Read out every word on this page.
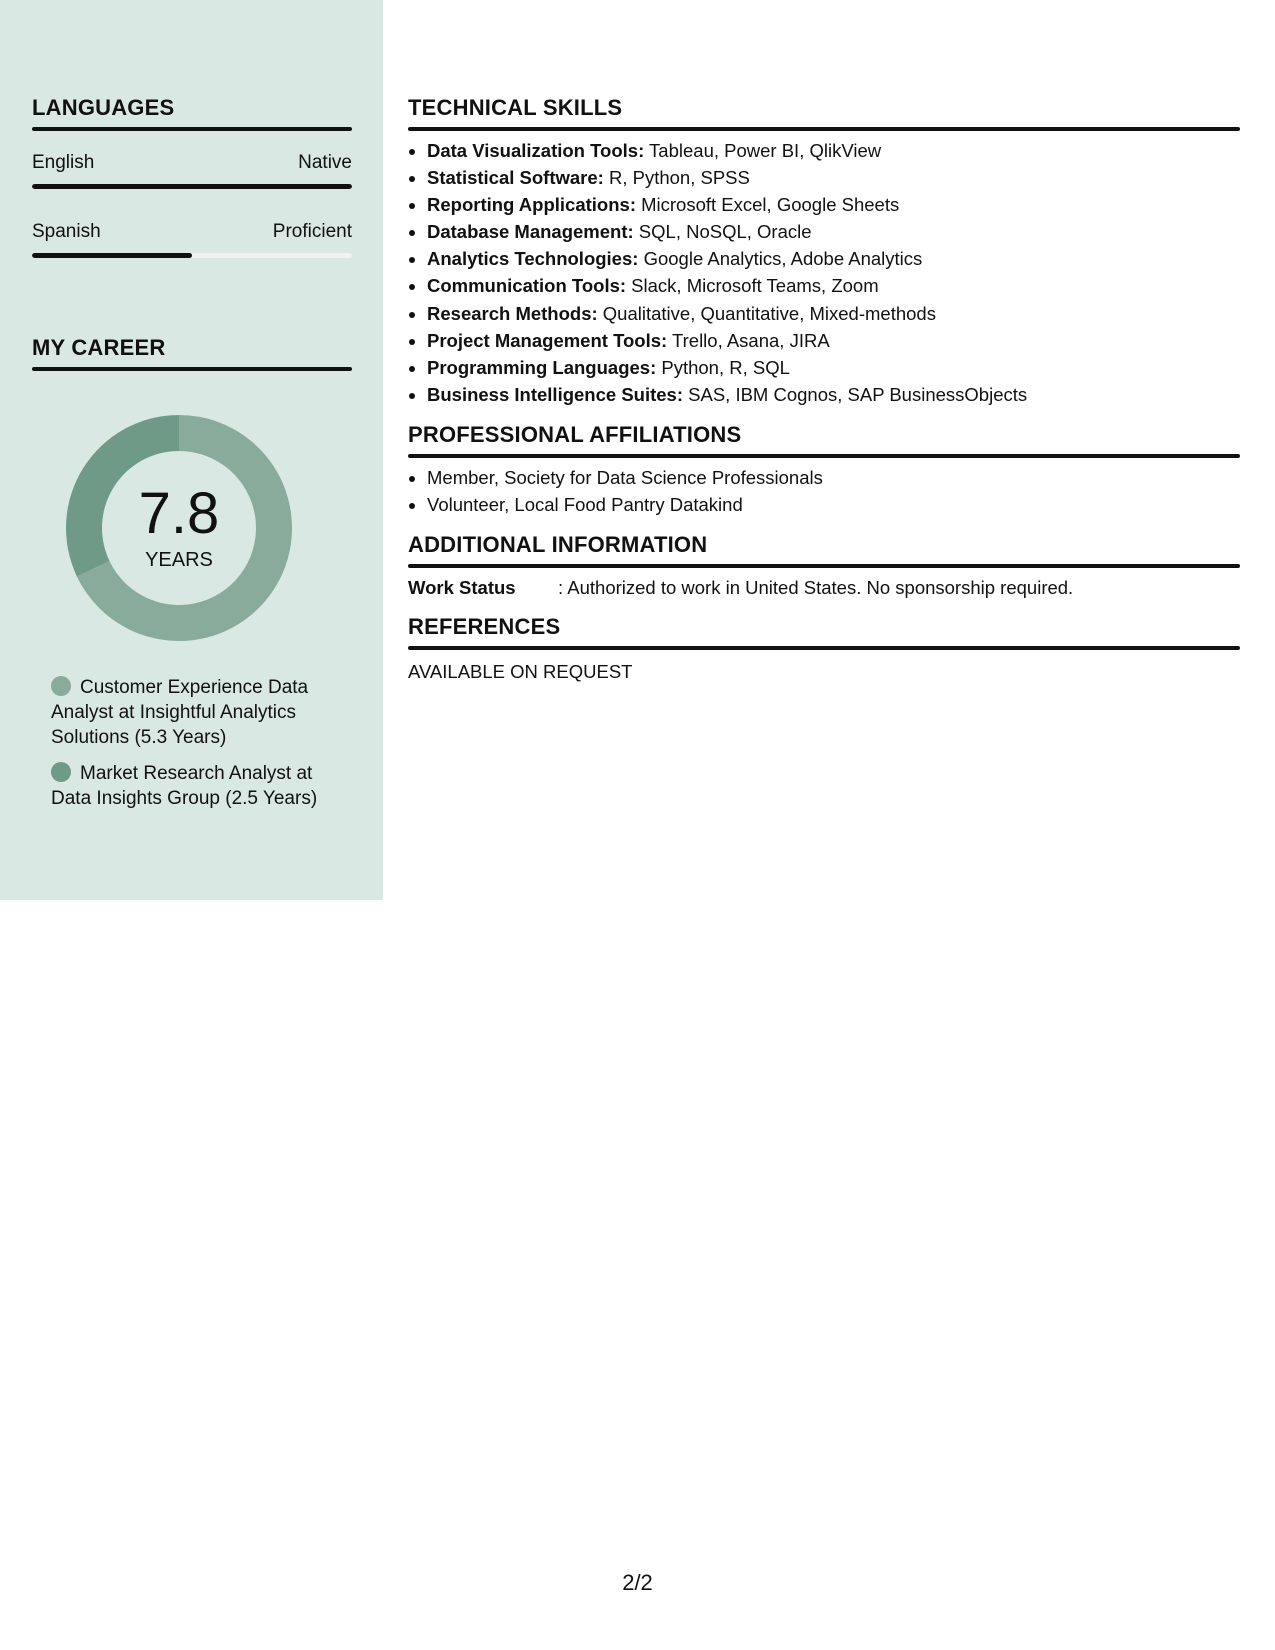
LANGUAGES
English	Native
Spanish	Proficient
MY CAREER
7.8
YEARS
Customer Experience Data Analyst at Insightful Analytics Solutions (5.3 Years)
Market Research Analyst at Data Insights Group (2.5 Years)
TECHNICAL SKILLS
• Data Visualization Tools: Tableau, Power BI, QlikView
• Statistical Software: R, Python, SPSS
• Reporting Applications: Microsoft Excel, Google Sheets
• Database Management: SQL, NoSQL, Oracle
• Analytics Technologies: Google Analytics, Adobe Analytics
• Communication Tools: Slack, Microsoft Teams, Zoom
• Research Methods: Qualitative, Quantitative, Mixed-methods
• Project Management Tools: Trello, Asana, JIRA
• Programming Languages: Python, R, SQL
• Business Intelligence Suites: SAS, IBM Cognos, SAP BusinessObjects
PROFESSIONAL AFFILIATIONS
• Member, Society for Data Science Professionals
• Volunteer, Local Food Pantry Datakind
ADDITIONAL INFORMATION
Work Status : Authorized to work in United States. No sponsorship required.
REFERENCES
AVAILABLE ON REQUEST
2/2
